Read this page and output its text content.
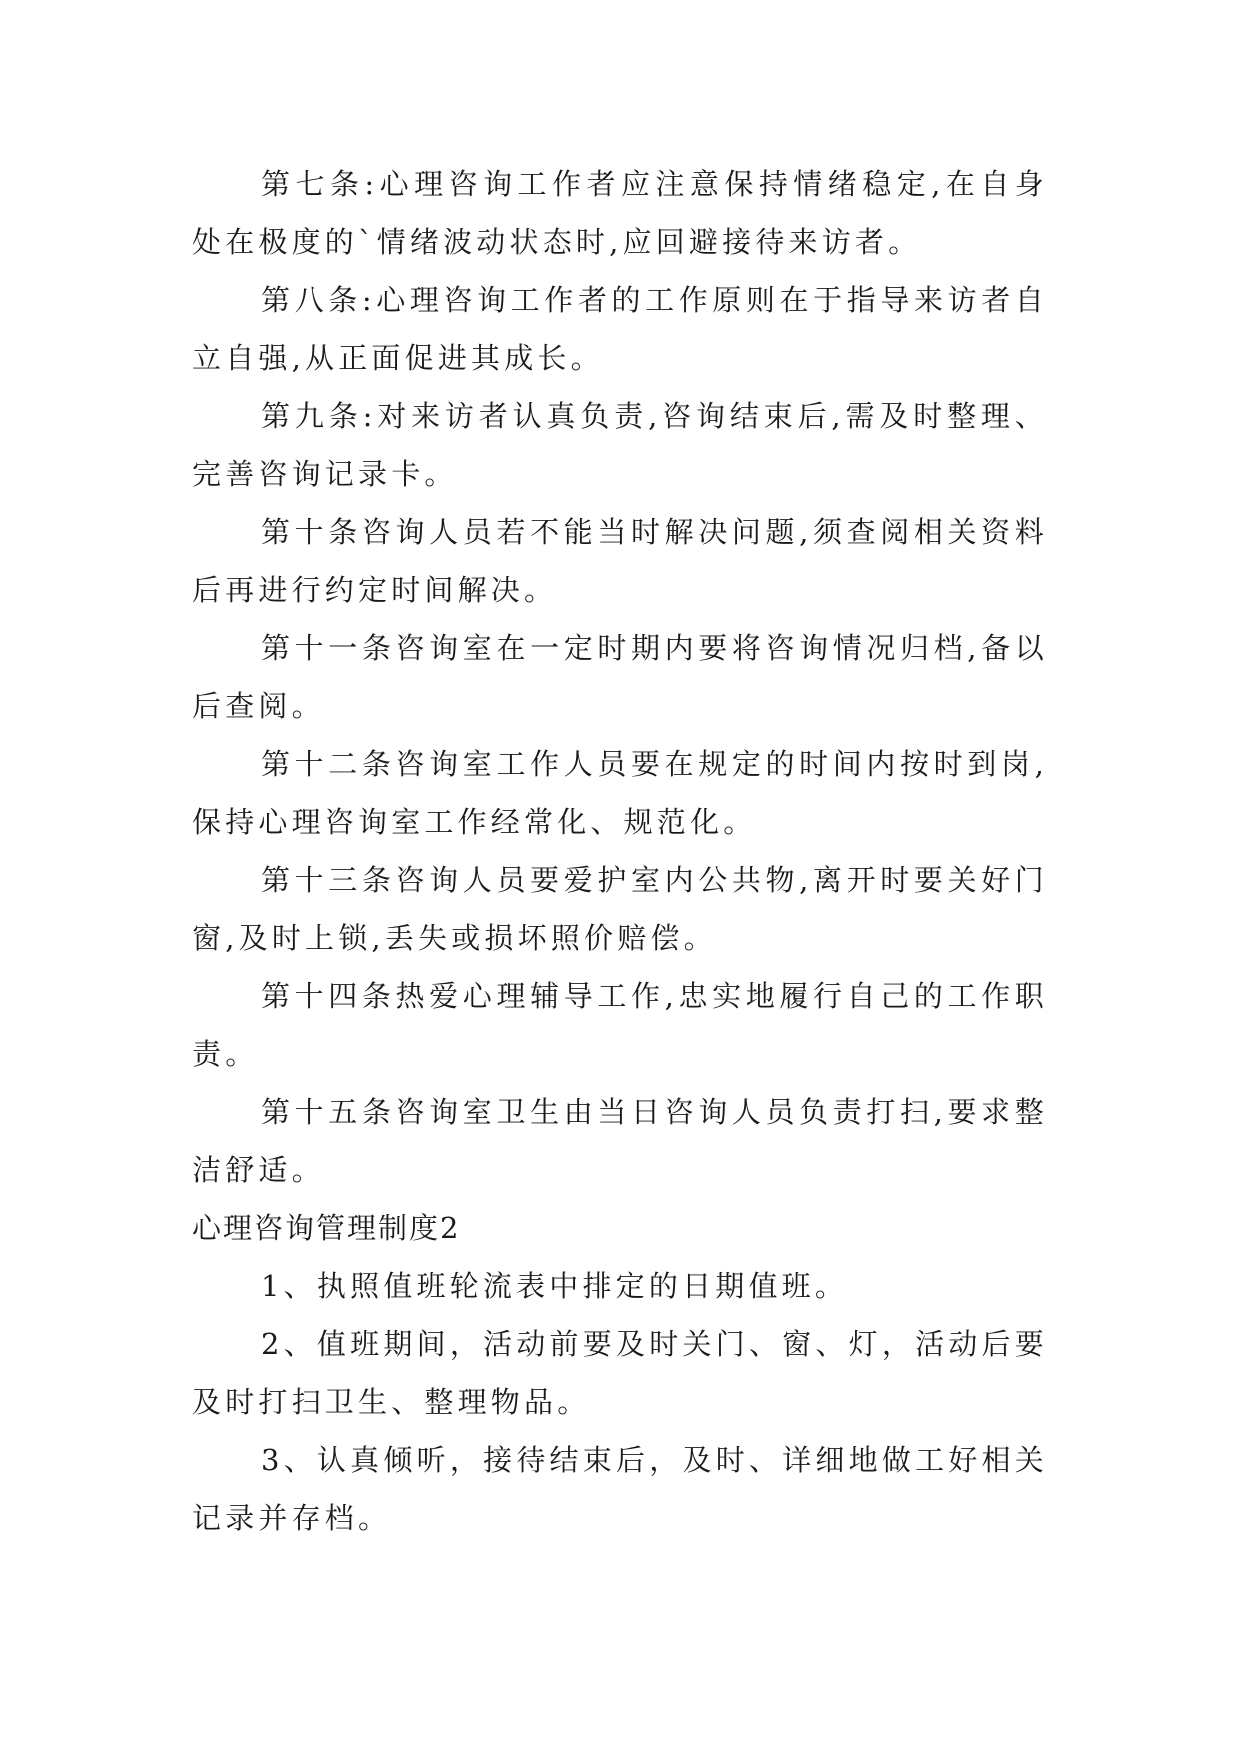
第七条:心理咨询工作者应注意保持情绪稳定,在自身处在极度的`情绪波动状态时,应回避接待来访者。

第八条:心理咨询工作者的工作原则在于指导来访者自立自强,从正面促进其成长。

第九条:对来访者认真负责,咨询结束后,需及时整理、完善咨询记录卡。

第十条咨询人员若不能当时解决问题,须查阅相关资料后再进行约定时间解决。

第十一条咨询室在一定时期内要将咨询情况归档,备以后查阅。

第十二条咨询室工作人员要在规定的时间内按时到岗,保持心理咨询室工作经常化、规范化。

第十三条咨询人员要爱护室内公共物,离开时要关好门窗,及时上锁,丢失或损坏照价赔偿。

第十四条热爱心理辅导工作,忠实地履行自己的工作职责。

第十五条咨询室卫生由当日咨询人员负责打扫,要求整洁舒适。

心理咨询管理制度2

1、执照值班轮流表中排定的日期值班。

2、值班期间，活动前要及时关门、窗、灯，活动后要及时打扫卫生、整理物品。

3、认真倾听，接待结束后，及时、详细地做工好相关记录并存档。
